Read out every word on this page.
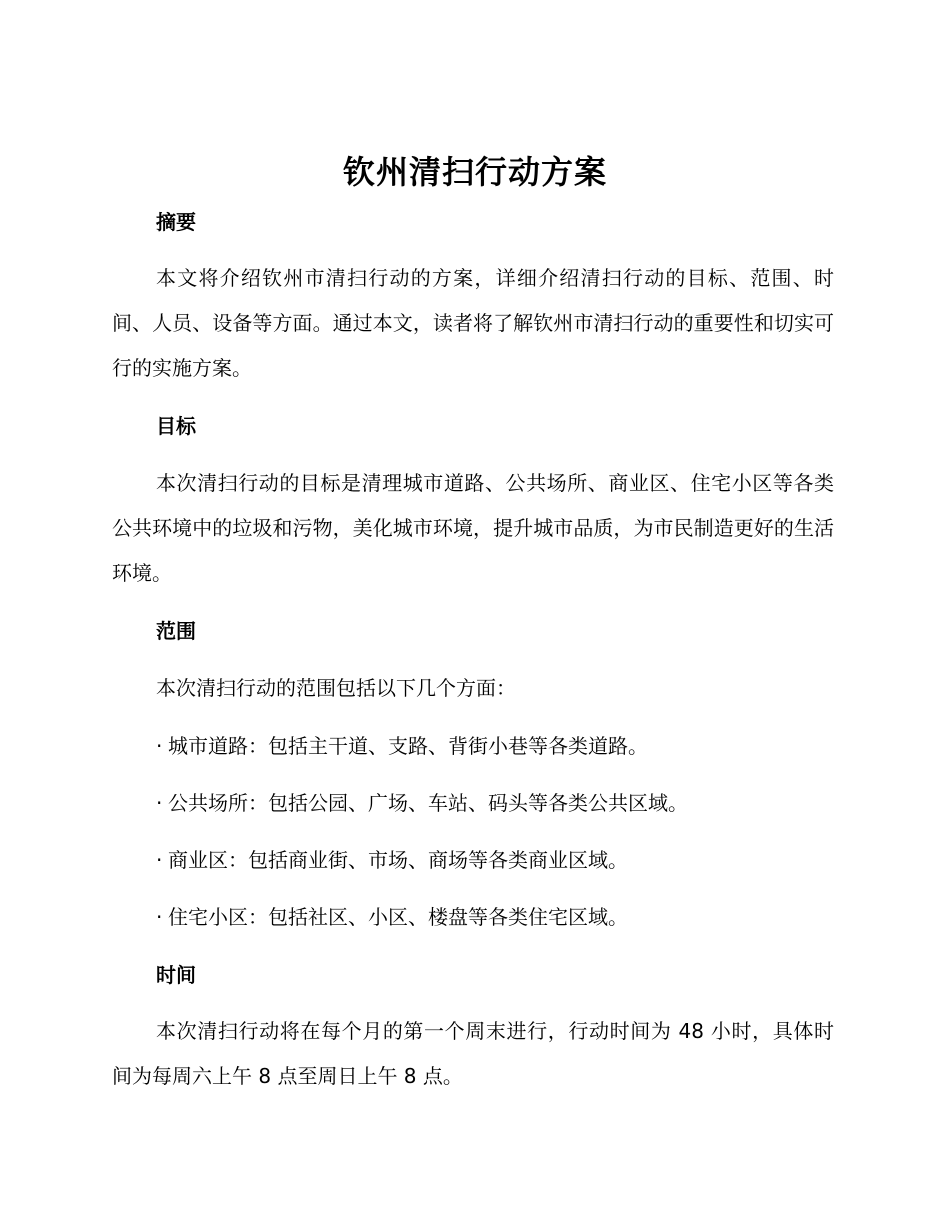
钦州清扫行动方案
摘要
本文将介绍钦州市清扫行动的方案，详细介绍清扫行动的目标、范围、时间、人员、设备等方面。通过本文，读者将了解钦州市清扫行动的重要性和切实可行的实施方案。
目标
本次清扫行动的目标是清理城市道路、公共场所、商业区、住宅小区等各类公共环境中的垃圾和污物，美化城市环境，提升城市品质，为市民制造更好的生活环境。
范围
本次清扫行动的范围包括以下几个方面：
· 城市道路：包括主干道、支路、背街小巷等各类道路。
· 公共场所：包括公园、广场、车站、码头等各类公共区域。
· 商业区：包括商业街、市场、商场等各类商业区域。
· 住宅小区：包括社区、小区、楼盘等各类住宅区域。
时间
本次清扫行动将在每个月的第一个周末进行，行动时间为 48 小时，具体时间为每周六上午 8 点至周日上午 8 点。
